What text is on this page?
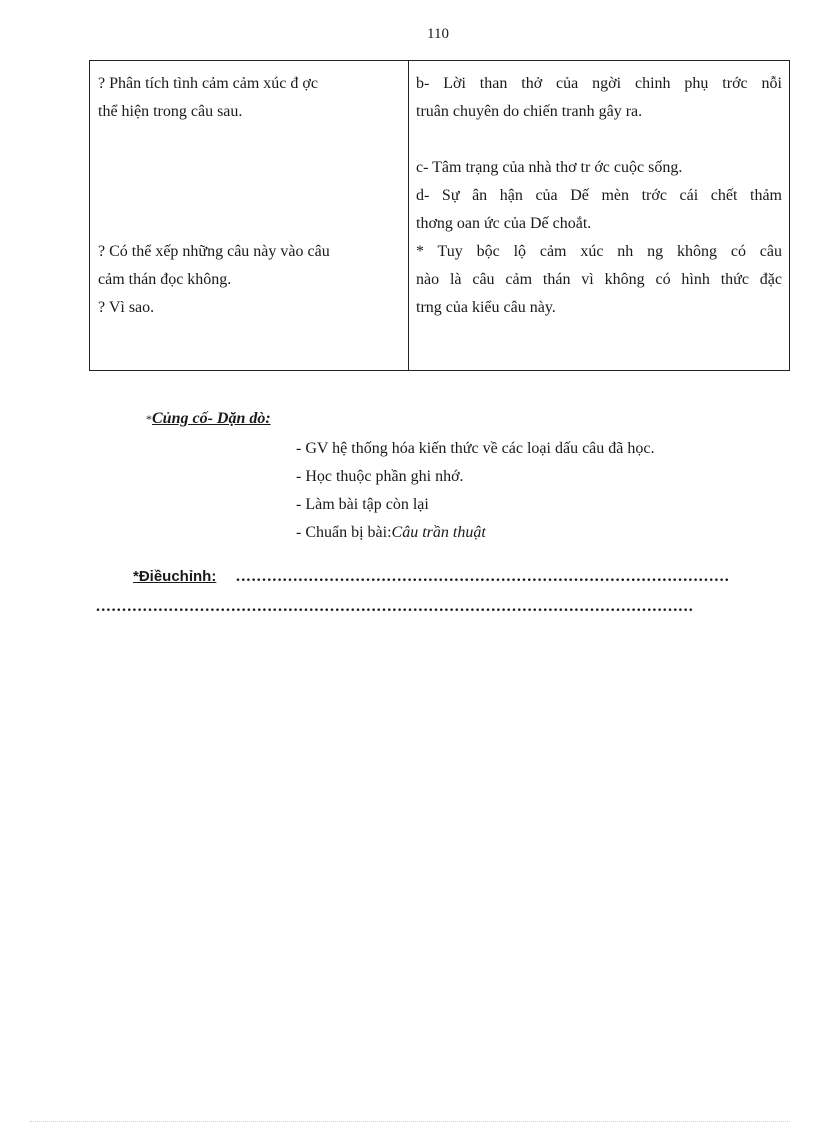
110
? Phân tích tình cảm cảm xúc đ ợc
thể hiện trong câu sau.
? Có thể xếp những câu này vào câu
cảm thán đọc không.
? Vì sao.
b- Lời than thở của ngời chinh phụ trớc nỗi
truân chuyên do chiến tranh gây ra.
c- Tâm trạng của nhà thơ tr ớc cuộc sống.
d- Sự ân hận của Dế mèn trớc cái chết thảm
thơng oan ức của Dế choắt.
* Tuy bộc lộ cảm xúc nh ng không có câu
nào là câu cảm thán vì không có hình thức đặc
trng của kiểu câu này.
*Củng cố- Dặn dò:
- GV hệ thống hóa kiến thức về các loại dấu câu đã học.
- Học thuộc phần ghi nhớ.
- Làm bài tập còn lại
- Chuẩn bị bài:Câu trần thuật
*Điềuchỉnh: ...............................................................................................
...................................................................................................................
